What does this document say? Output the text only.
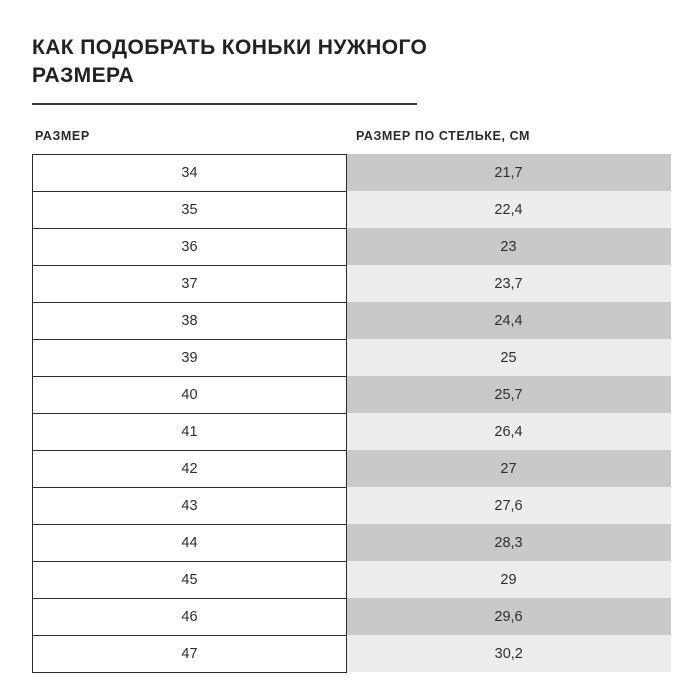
КАК ПОДОБРАТЬ КОНЬКИ НУЖНОГО РАЗМЕРА
РАЗМЕР	РАЗМЕР ПО СТЕЛЬКЕ, СМ
34	21,7
35	22,4
36	23
37	23,7
38	24,4
39	25
40	25,7
41	26,4
42	27
43	27,6
44	28,3
45	29
46	29,6
47	30,2
